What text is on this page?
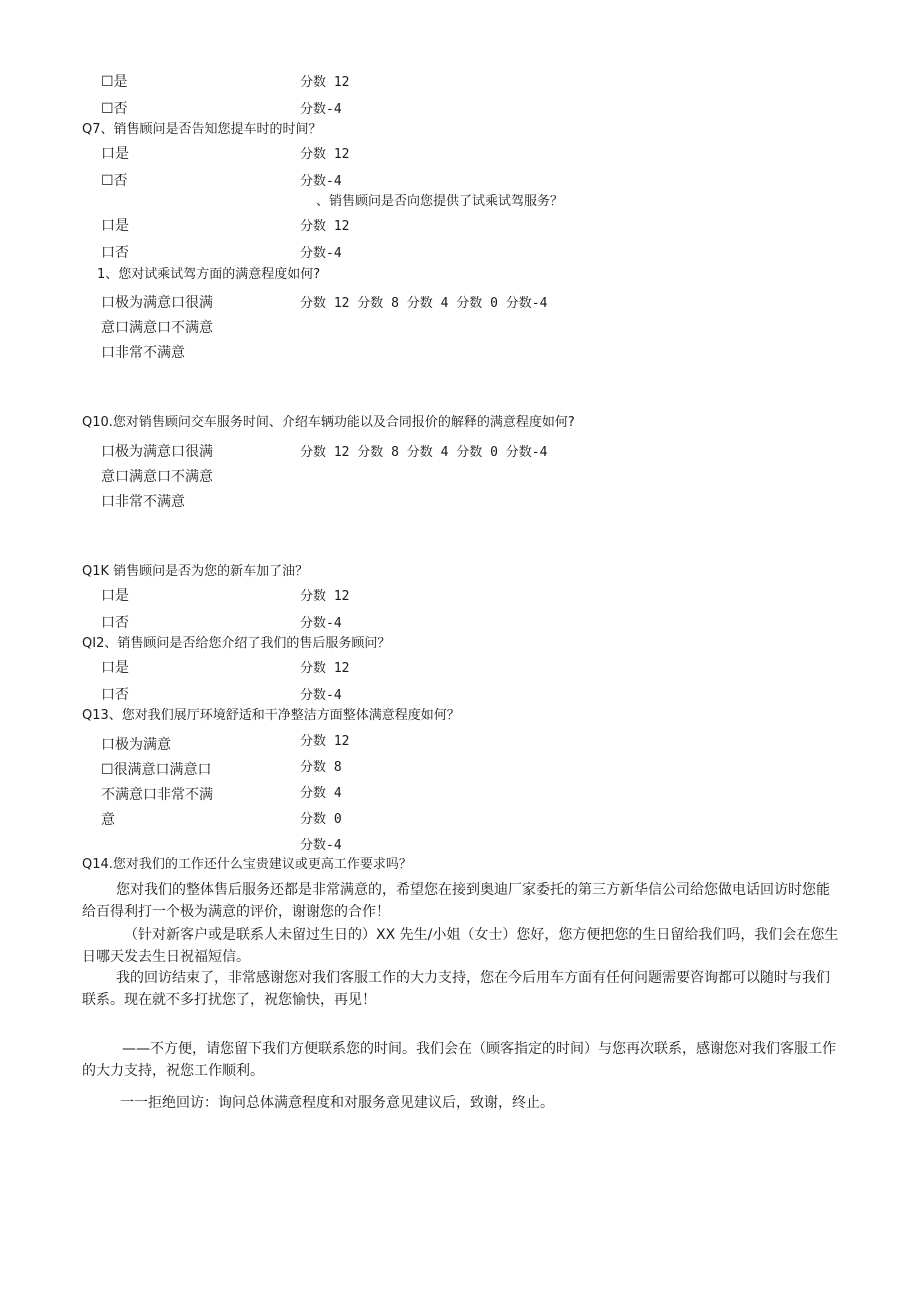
☐是	分数 12
☐否	分数-4
Q7、销售顾问是否告知您提车时的时间？
口是	分数 12
☐否	分数-4
、销售顾问是否向您提供了试乘试驾服务？
口是	分数 12
口否	分数-4
1、您对试乘试驾方面的满意程度如何?
口极为满意口很满	分数 12 分数 8 分数 4 分数 0 分数-4
意口满意口不满意
口非常不满意
Q10.您对销售顾问交车服务时间、介绍车辆功能以及合同报价的解释的满意程度如何?
口极为满意口很满	分数 12 分数 8 分数 4 分数 0 分数-4
意口满意口不满意
口非常不满意
Q1K 销售顾问是否为您的新车加了油？
口是	分数 12
口否	分数-4
QI2、销售顾问是否给您介绍了我们的售后服务顾问？
口是	分数 12
口否	分数-4
Q13、您对我们展厅环境舒适和干净整洁方面整体满意程度如何？
口极为满意	分数 12
☐很满意口满意口	分数 8
不满意口非常不满	分数 4
意	分数 0
分数-4
Q14.您对我们的工作还什么宝贵建议或更高工作要求吗？
您对我们的整体售后服务还都是非常满意的，希望您在接到奥迪厂家委托的第三方新华信公司给您做电话回访时您能给百得利打一个极为满意的评价，谢谢您的合作！
（针对新客户或是联系人未留过生日的）XX 先生/小姐（女士）您好，您方便把您的生日留给我们吗，我们会在您生日哪天发去生日祝福短信。
我的回访结束了，非常感谢您对我们客服工作的大力支持，您在今后用车方面有任何问题需要咨询都可以随时与我们联系。现在就不多打扰您了，祝您愉快，再见！
——不方便，请您留下我们方便联系您的时间。我们会在（顾客指定的时间）与您再次联系，感谢您对我们客服工作的大力支持，祝您工作顺利。
一一拒绝回访：询问总体满意程度和对服务意见建议后，致谢，终止。
